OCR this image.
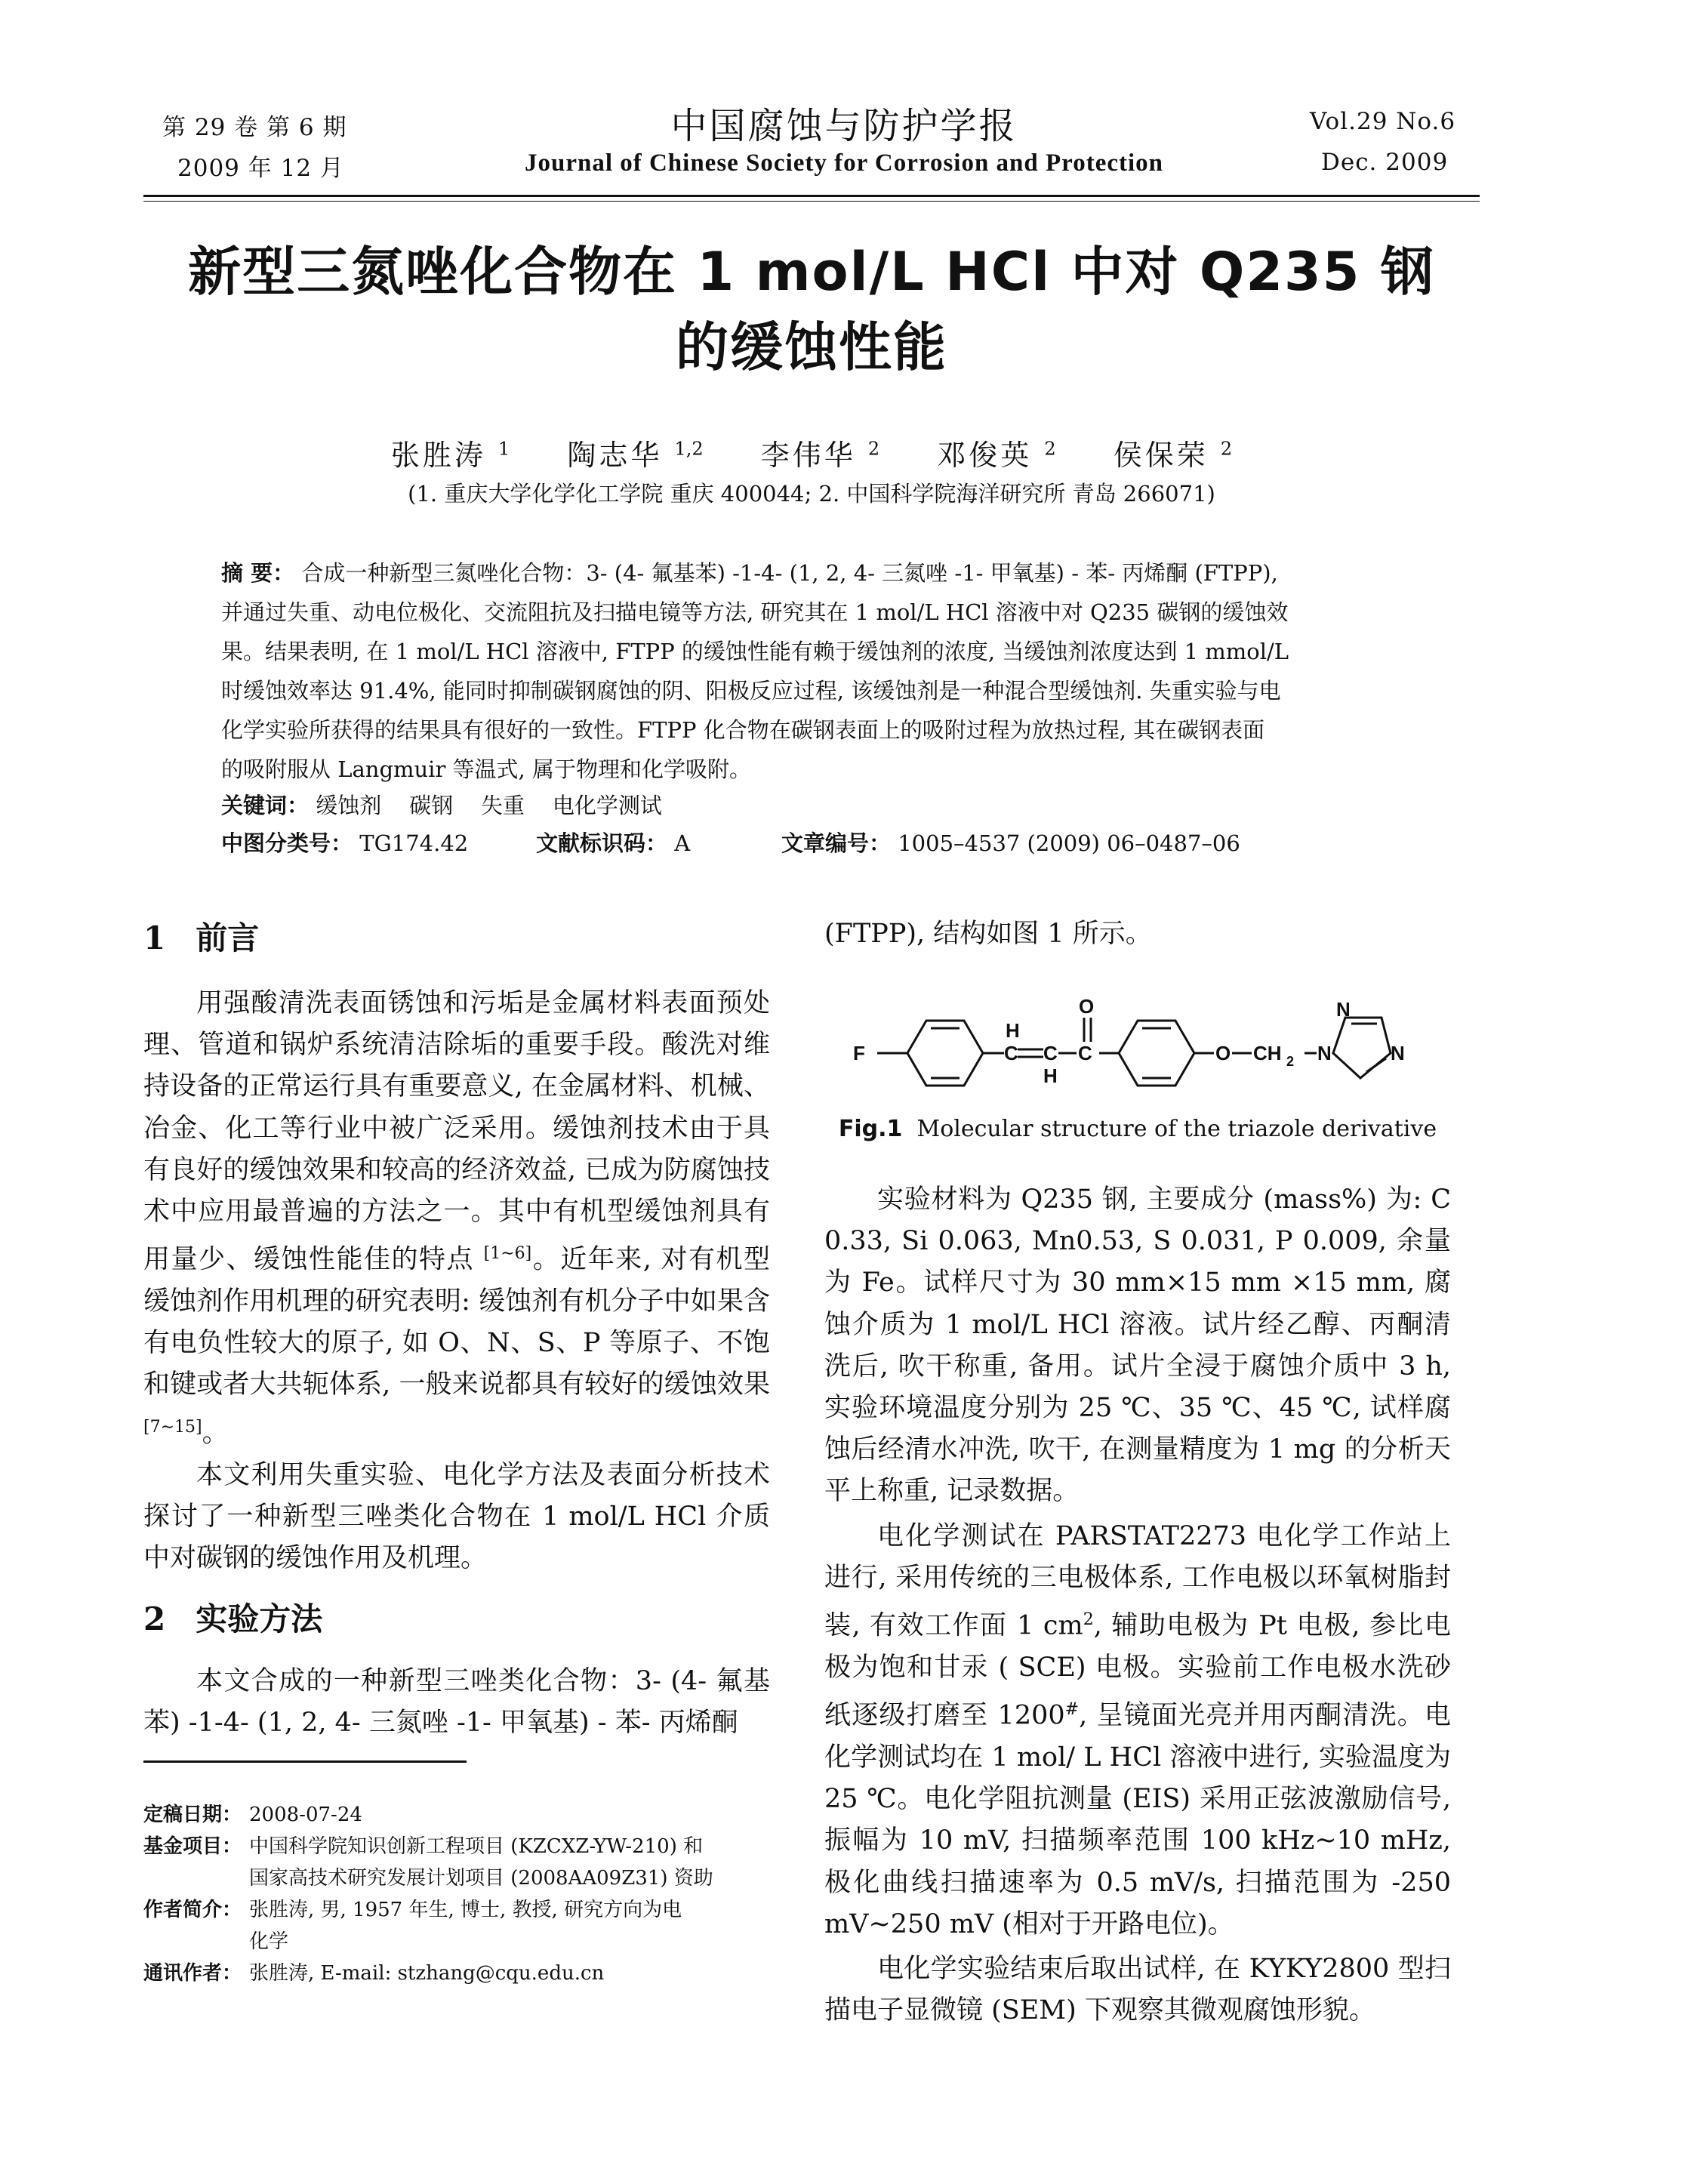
第 29 卷 第 6 期
2009 年 12 月
中国腐蚀与防护学报
Journal of Chinese Society for Corrosion and Protection
Vol.29 No.6
Dec. 2009
新型三氮唑化合物在 1 mol/L HCl 中对 Q235 钢
的缓蚀性能
张胜涛 $^1$ 陶志华 $^{1,2}$ 李伟华 $^2$ 邓俊英 $^2$ 侯保荣 $^2$
(1. 重庆大学化学化工学院 重庆 400044; 2. 中国科学院海洋研究所 青岛 266071)
摘 要： 合成一种新型三氮唑化合物：3- (4- 氟基苯) -1-4- (1, 2, 4- 三氮唑 -1- 甲氧基) - 苯- 丙烯酮 (FTPP),
并通过失重、动电位极化、交流阻抗及扫描电镜等方法, 研究其在 1 mol/L HCl 溶液中对 Q235 碳钢的缓蚀效
果。结果表明, 在 1 mol/L HCl 溶液中, FTPP 的缓蚀性能有赖于缓蚀剂的浓度, 当缓蚀剂浓度达到 1 mmol/L
时缓蚀效率达 91.4%, 能同时抑制碳钢腐蚀的阴、阳极反应过程, 该缓蚀剂是一种混合型缓蚀剂. 失重实验与电
化学实验所获得的结果具有很好的一致性。FTPP 化合物在碳钢表面上的吸附过程为放热过程, 其在碳钢表面
的吸附服从 Langmuir 等温式, 属于物理和化学吸附。
关键词： 缓蚀剂    碳钢    失重    电化学测试
中图分类号： TG174.42	文献标识码： A	文章编号： 1005–4537 (2009) 06–0487–06
1 前言

用强酸清洗表面锈蚀和污垢是金属材料表面预处理、管道和锅炉系统清洁除垢的重要手段。酸洗对维持设备的正常运行具有重要意义, 在金属材料、机械、冶金、化工等行业中被广泛采用。缓蚀剂技术由于具有良好的缓蚀效果和较高的经济效益, 已成为防腐蚀技术中应用最普遍的方法之一。其中有机型缓蚀剂具有用量少、缓蚀性能佳的特点 [1∼6]。近年来, 对有机型缓蚀剂作用机理的研究表明: 缓蚀剂有机分子中如果含有电负性较大的原子, 如 O、N、S、P 等原子、不饱和键或者大共轭体系, 一般来说都具有较好的缓蚀效果 [7∼15]。

本文利用失重实验、电化学方法及表面分析技术探讨了一种新型三唑类化合物在 1 mol/L HCl 介质中对碳钢的缓蚀作用及机理。

2 实验方法

本文合成的一种新型三唑类化合物：3- (4- 氟基苯) -1-4- (1, 2, 4- 三氮唑 -1- 甲氧基) - 苯- 丙烯酮

定稿日期： 2008-07-24
基金项目： 中国科学院知识创新工程项目 (KZCXZ-YW-210) 和
国家高技术研究发展计划项目 (2008AA09Z31) 资助
作者简介： 张胜涛, 男, 1957 年生, 博士, 教授, 研究方向为电
化学
通讯作者： 张胜涛, E-mail: stzhang@cqu.edu.cn
(FTPP), 结构如图 1 所示。
F	C
H
C
H
C
O
O CH 2 N
N
N
Fig.1 Molecular structure of the triazole derivative

实验材料为 Q235 钢, 主要成分 (mass%) 为: C 0.33, Si 0.063, Mn0.53, S 0.031, P 0.009, 余量为 Fe。试样尺寸为 30 mm×15 mm ×15 mm, 腐蚀介质为 1 mol/L HCl 溶液。试片经乙醇、丙酮清洗后, 吹干称重, 备用。试片全浸于腐蚀介质中 3 h, 实验环境温度分别为 25 ℃、35 ℃、45 ℃, 试样腐蚀后经清水冲洗, 吹干, 在测量精度为 1 mg 的分析天平上称重, 记录数据。

电化学测试在 PARSTAT2273 电化学工作站上进行, 采用传统的三电极体系, 工作电极以环氧树脂封装, 有效工作面 1 $cm^2$, 辅助电极为 Pt 电极, 参比电极为饱和甘汞 ( SCE) 电极。实验前工作电极水洗砂纸逐级打磨至 1200#, 呈镜面光亮并用丙酮清洗。电化学测试均在 1 mol/ L HCl 溶液中进行, 实验温度为 25 ℃。电化学阻抗测量 (EIS) 采用正弦波激励信号, 振幅为 10 mV, 扫描频率范围 100 kHz∼10 mHz, 极化曲线扫描速率为 0.5 mV/s, 扫描范围为 -250 mV∼250 mV (相对于开路电位)。

电化学实验结束后取出试样, 在 KYKY2800 型扫描电子显微镜 (SEM) 下观察其微观腐蚀形貌。
